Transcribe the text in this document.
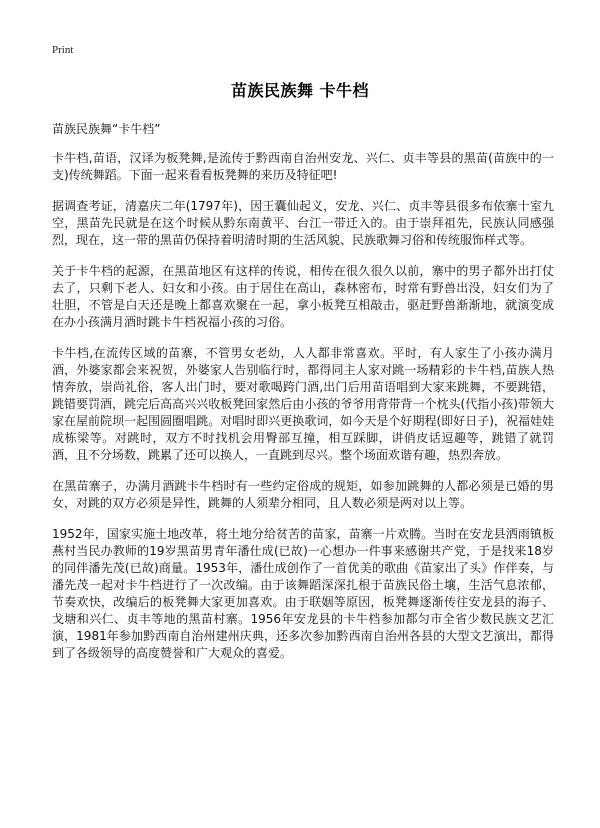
Print
苗族民族舞 卡牛档

苗族民族舞“卡牛档”

卡牛档,苗语，汉译为板凳舞,是流传于黔西南自治州安龙、兴仁、贞丰等县的黑苗(苗族中的一支)传统舞蹈。下面一起来看看板凳舞的来历及特征吧!

据调查考证，清嘉庆二年(1797年)，因王囊仙起义，安龙、兴仁、贞丰等县很多布依寨十室九空，黑苗先民就是在这个时候从黔东南黄平、台江一带迁入的。由于崇拜祖先，民族认同感强烈，现在，这一带的黑苗仍保持着明清时期的生活风貌、民族歌舞习俗和传统服饰样式等。

关于卡牛档的起源，在黑苗地区有这样的传说，相传在很久很久以前，寨中的男子都外出打仗去了，只剩下老人、妇女和小孩。由于居住在高山，森林密布，时常有野兽出没，妇女们为了壮胆，不管是白天还是晚上都喜欢聚在一起，拿小板凳互相敲击，驱赶野兽渐渐地，就演变成在办小孩满月酒时跳卡牛档祝福小孩的习俗。

卡牛档,在流传区域的苗寨，不管男女老幼，人人都非常喜欢。平时，有人家生了小孩办满月酒，外婆家都会来祝贺，外婆家人告别临行时，都得同主人家对跳一场精彩的卡牛档,苗族人热情奔放，崇尚礼俗，客人出门时，要对歌喝跨门酒,出门后用苗语唱到大家来跳舞，不要跳错，跳错要罚酒，跳完后高高兴兴收板凳回家然后由小孩的爷爷用背带背一个枕头(代指小孩)带领大家在屋前院坝一起围圆圈唱跳。对唱时即兴更换歌词，如今天是个好期程(即好日子)，祝福娃娃成栋梁等。对跳时，双方不时找机会用臀部互撞，相互踩脚，讲俏皮话逗趣等，跳错了就罚酒，且不分场数，跳累了还可以换人，一直跳到尽兴。整个场面欢谐有趣，热烈奔放。

在黑苗寨子，办满月酒跳卡牛档时有一些约定俗成的规矩，如参加跳舞的人都必须是已婚的男女，对跳的双方必须是异性，跳舞的人须辈分相同，且人数必须是两对以上等。

1952年，国家实施土地改革，将土地分给贫苦的苗家，苗寨一片欢腾。当时在安龙县洒雨镇板燕村当民办教师的19岁黑苗男青年潘仕成(已故)一心想办一件事来感谢共产党，于是找来18岁的同伴潘先茂(已故)商量。1953年，潘仕成创作了一首优美的歌曲《苗家出了头》作伴奏，与潘先茂一起对卡牛档进行了一次改编。由于该舞蹈深深扎根于苗族民俗土壤，生活气息浓郁，节奏欢快，改编后的板凳舞大家更加喜欢。由于联姻等原因，板凳舞逐渐传往安龙县的海子、戈塘和兴仁、贞丰等地的黑苗村寨。1956年安龙县的卡牛档参加都匀市全省少数民族文艺汇演，1981年参加黔西南自治州建州庆典，还多次参加黔西南自治州各县的大型文艺演出，都得到了各级领导的高度赞誉和广大观众的喜爱。
